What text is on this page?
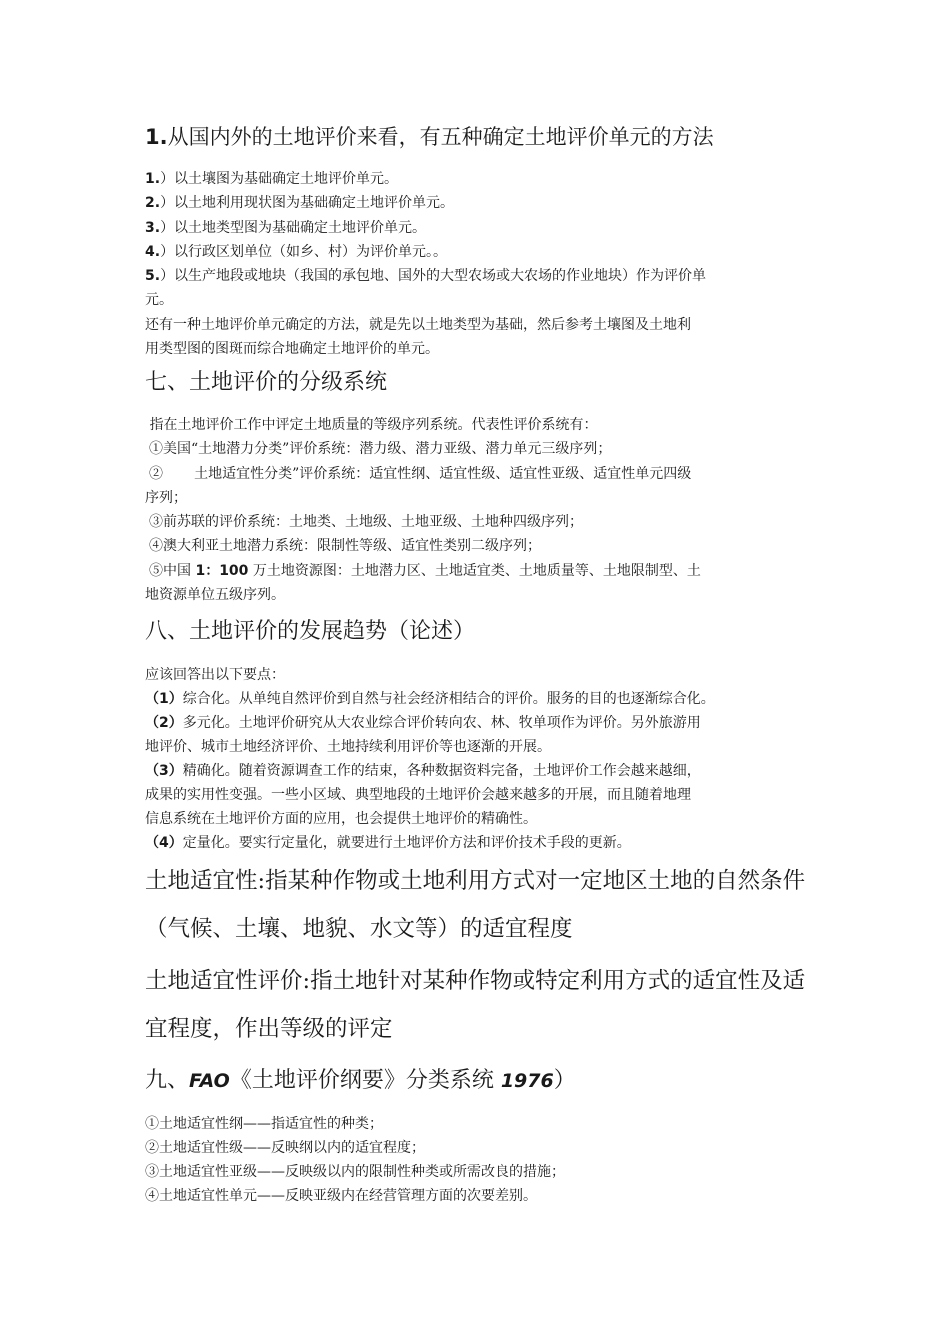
1.从国内外的土地评价来看，有五种确定土地评价单元的方法
1.）以土壤图为基础确定土地评价单元。
2.）以土地利用现状图为基础确定土地评价单元。
3.）以土地类型图为基础确定土地评价单元。
4.）以行政区划单位（如乡、村）为评价单元。。
5.）以生产地段或地块（我国的承包地、国外的大型农场或大农场的作业地块）作为评价单
元。
还有一种土地评价单元确定的方法，就是先以土地类型为基础，然后参考土壤图及土地利
用类型图的图斑而综合地确定土地评价的单元。
七、土地评价的分级系统
指在土地评价工作中评定土地质量的等级序列系统。代表性评价系统有：
①美国“土地潜力分类”评价系统：潜力级、潜力亚级、潜力单元三级序列；
②       土地适宜性分类”评价系统：适宜性纲、适宜性级、适宜性亚级、适宜性单元四级
序列；
③前苏联的评价系统：土地类、土地级、土地亚级、土地种四级序列；
④澳大利亚土地潜力系统：限制性等级、适宜性类别二级序列；
⑤中国 1：100 万土地资源图：土地潜力区、土地适宜类、土地质量等、土地限制型、土
地资源单位五级序列。
八、土地评价的发展趋势（论述）
应该回答出以下要点：
（1）综合化。从单纯自然评价到自然与社会经济相结合的评价。服务的目的也逐渐综合化。
（2）多元化。土地评价研究从大农业综合评价转向农、林、牧单项作为评价。另外旅游用
地评价、城市土地经济评价、土地持续利用评价等也逐渐的开展。
（3）精确化。随着资源调查工作的结束，各种数据资料完备，土地评价工作会越来越细，
成果的实用性变强。一些小区域、典型地段的土地评价会越来越多的开展，而且随着地理
信息系统在土地评价方面的应用，也会提供土地评价的精确性。
（4）定量化。要实行定量化，就要进行土地评价方法和评价技术手段的更新。
土地适宜性:指某种作物或土地利用方式对一定地区土地的自然条件
（气候、土壤、地貌、水文等）的适宜程度
土地适宜性评价:指土地针对某种作物或特定利用方式的适宜性及适
宜程度，作出等级的评定
九、FAO《土地评价纲要》分类系统 1976）
①土地适宜性纲——指适宜性的种类；
②土地适宜性级——反映纲以内的适宜程度；
③土地适宜性亚级——反映级以内的限制性种类或所需改良的措施；
④土地适宜性单元——反映亚级内在经营管理方面的次要差别。
